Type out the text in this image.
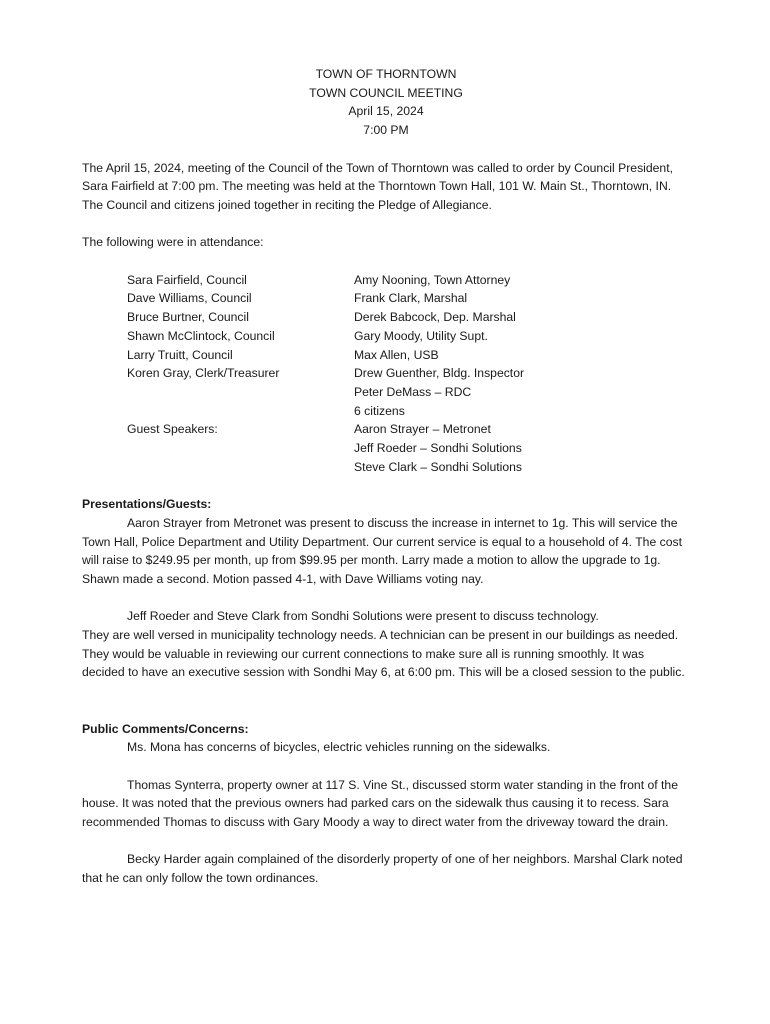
TOWN OF THORNTOWN
TOWN COUNCIL MEETING
April 15, 2024
7:00 PM

The April 15, 2024, meeting of the Council of the Town of Thorntown was called to order by Council President, Sara Fairfield at 7:00 pm. The meeting was held at the Thorntown Town Hall, 101 W. Main St., Thorntown, IN. The Council and citizens joined together in reciting the Pledge of Allegiance.

The following were in attendance:

Sara Fairfield, Council
Dave Williams, Council
Bruce Burtner, Council
Shawn McClintock, Council
Larry Truitt, Council
Koren Gray, Clerk/Treasurer
Amy Nooning, Town Attorney
Frank Clark, Marshal
Derek Babcock, Dep. Marshal
Gary Moody, Utility Supt.
Max Allen, USB
Drew Guenther, Bldg. Inspector
Peter DeMass – RDC
6 citizens
Guest Speakers:	Aaron Strayer – Metronet
Jeff Roeder – Sondhi Solutions
Steve Clark – Sondhi Solutions

Presentations/Guests:

Aaron Strayer from Metronet was present to discuss the increase in internet to 1g. This will service the Town Hall, Police Department and Utility Department. Our current service is equal to a household of 4. The cost will raise to $249.95 per month, up from $99.95 per month. Larry made a motion to allow the upgrade to 1g. Shawn made a second. Motion passed 4-1, with Dave Williams voting nay.

Jeff Roeder and Steve Clark from Sondhi Solutions were present to discuss technology.

They are well versed in municipality technology needs. A technician can be present in our buildings as needed. They would be valuable in reviewing our current connections to make sure all is running smoothly. It was decided to have an executive session with Sondhi May 6, at 6:00 pm. This will be a closed session to the public.

Public Comments/Concerns:

Ms. Mona has concerns of bicycles, electric vehicles running on the sidewalks.

Thomas Synterra, property owner at 117 S. Vine St., discussed storm water standing in the front of the house. It was noted that the previous owners had parked cars on the sidewalk thus causing it to recess. Sara recommended Thomas to discuss with Gary Moody a way to direct water from the driveway toward the drain.

Becky Harder again complained of the disorderly property of one of her neighbors. Marshal Clark noted that he can only follow the town ordinances.
